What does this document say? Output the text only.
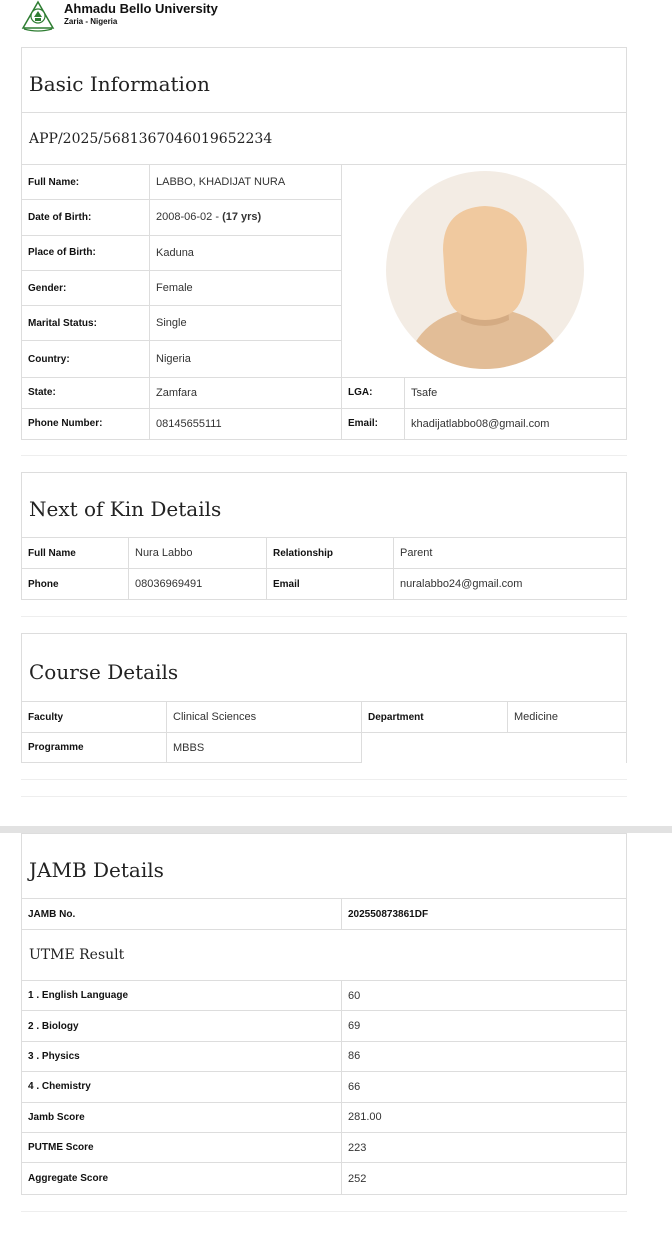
Ahmadu Bello University
Zaria - Nigeria
Basic Information
APP/2025/5681367046019652234
Full Name:	LABBO, KHADIJAT NURA
Date of Birth:	2008-06-02 -
(17 yrs)
Place of Birth:	Kaduna
Gender:	Female
Marital Status:	Single
Country:	Nigeria
State:	Zamfara	LGA:	Tsafe
Phone Number:	08145655111	Email:	khadijatlabbo08@gmail.com
Next of Kin Details
Full Name	Nura Labbo	Relationship	Parent
Phone	08036969491	Email	nuralabbo24@gmail.com
Course Details
Faculty	Clinical Sciences	Department	Medicine
Programme	MBBS
JAMB Details
JAMB No.	202550873861DF
UTME Result
1 . English Language	60
2 . Biology	69
3 . Physics	86
4 . Chemistry	66
Jamb Score	281.00
PUTME Score	223
Aggregate Score	252
